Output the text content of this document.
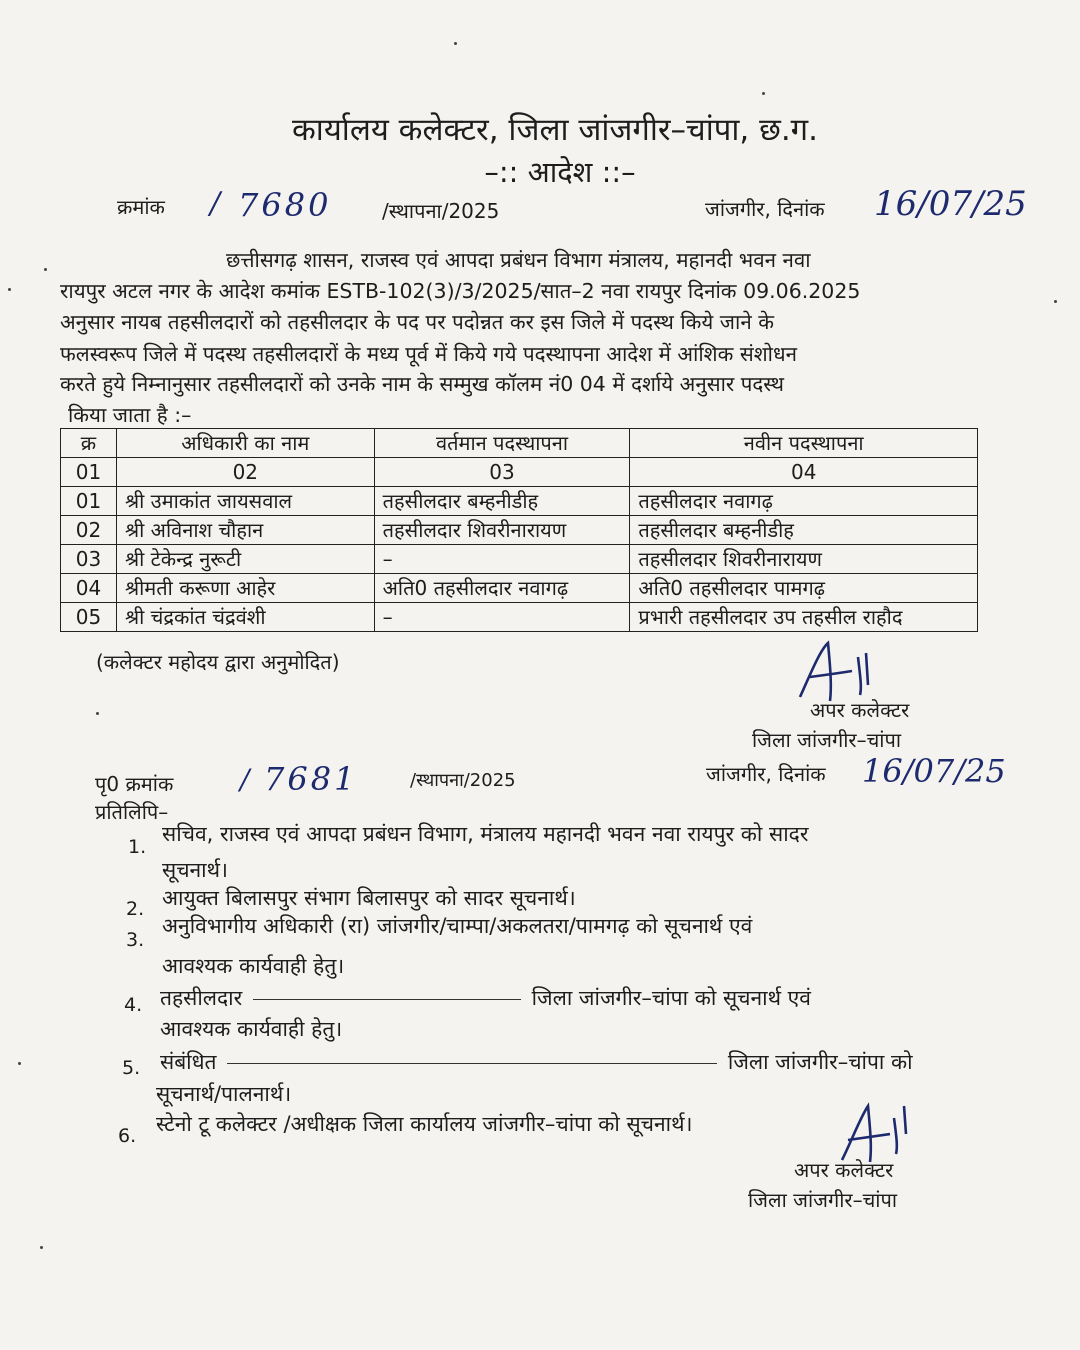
कार्यालय कलेक्टर, जिला जांजगीर–चांपा, छ.ग.
–:: आदेश ::–
क्रमांक / 7680	/स्थापना/2025	जांजगीर, दिनांक 16/07/25
छत्तीसगढ़ शासन, राजस्व एवं आपदा प्रबंधन विभाग मंत्रालय, महानदी भवन नवा
रायपुर अटल नगर के आदेश कमांक ESTB-102(3)/3/2025/सात–2 नवा रायपुर दिनांक 09.06.2025
अनुसार नायब तहसीलदारों को तहसीलदार के पद पर पदोन्नत कर इस जिले में पदस्थ किये जाने के
फलस्वरूप जिले में पदस्थ तहसीलदारों के मध्य पूर्व में किये गये पदस्थापना आदेश में आंशिक संशोधन
करते हुये निम्नानुसार तहसीलदारों को उनके नाम के सम्मुख कॉलम नं0 04 में दर्शाये अनुसार पदस्थ
किया जाता है :–
क्र	अधिकारी का नाम	वर्तमान पदस्थापना	नवीन पदस्थापना
01	02	03	04
01	श्री उमाकांत जायसवाल	तहसीलदार बम्हनीडीह	तहसीलदार नवागढ़
02	श्री अविनाश चौहान	तहसीलदार शिवरीनारायण	तहसीलदार बम्हनीडीह
03	श्री टेकेन्द्र नुरूटी	–	तहसीलदार शिवरीनारायण
04	श्रीमती करूणा आहेर	अति0 तहसीलदार नवागढ़	अति0 तहसीलदार पामगढ़
05	श्री चंद्रकांत चंद्रवंशी	–	प्रभारी तहसीलदार उप तहसील राहौद
(कलेक्टर महोदय द्वारा अनुमोदित)
अपर कलेक्टर
जिला जांजगीर–चांपा
पृ0 क्रमांक / 7681	/स्थापना/2025	जांजगीर, दिनांक 16/07/25
प्रतिलिपि–
1.
सचिव, राजस्व एवं आपदा प्रबंधन विभाग, मंत्रालय महानदी भवन नवा रायपुर को सादर
सूचनार्थ।
2. आयुक्त बिलासपुर संभाग बिलासपुर को सादर सूचनार्थ।
3.
अनुविभागीय अधिकारी (रा) जांजगीर/चाम्पा/अकलतरा/पामगढ़ को सूचनार्थ एवं
आवश्यक कार्यवाही हेतु।
4. तहसीलदार	जिला जांजगीर–चांपा को सूचनार्थ एवं
आवश्यक कार्यवाही हेतु।
5. संबंधित	जिला जांजगीर–चांपा को
सूचनार्थ/पालनार्थ।
6. स्टेनो टू कलेक्टर /अधीक्षक जिला कार्यालय जांजगीर–चांपा को सूचनार्थ।
अपर कलेक्टर
जिला जांजगीर–चांपा
